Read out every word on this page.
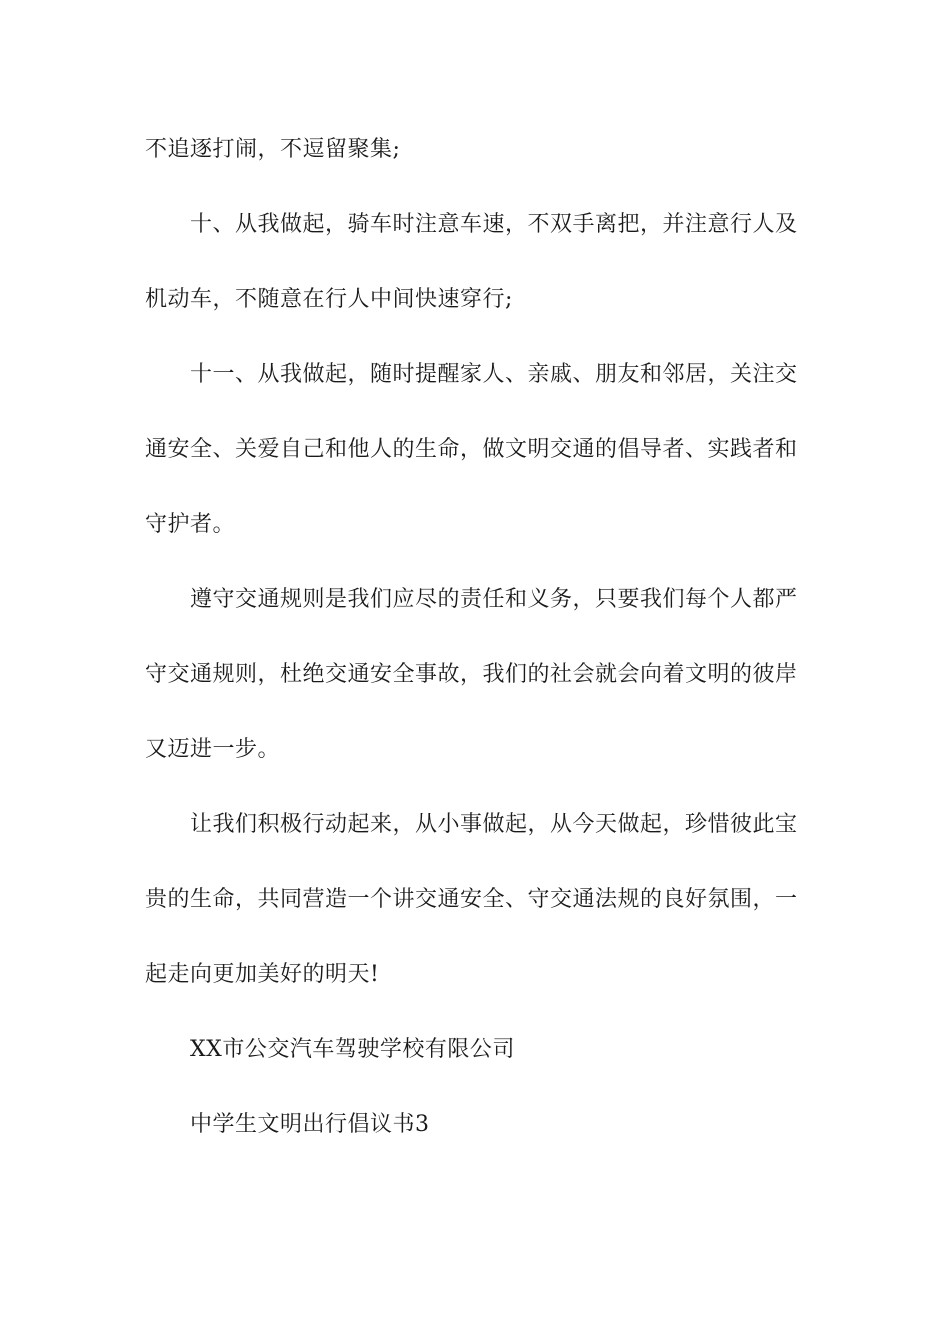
不追逐打闹，不逗留聚集;
十、从我做起，骑车时注意车速，不双手离把，并注意行人及
机动车，不随意在行人中间快速穿行;
十一、从我做起，随时提醒家人、亲戚、朋友和邻居，关注交
通安全、关爱自己和他人的生命，做文明交通的倡导者、实践者和
守护者。
遵守交通规则是我们应尽的责任和义务，只要我们每个人都严
守交通规则，杜绝交通安全事故，我们的社会就会向着文明的彼岸
又迈进一步。
让我们积极行动起来，从小事做起，从今天做起，珍惜彼此宝
贵的生命，共同营造一个讲交通安全、守交通法规的良好氛围，一
起走向更加美好的明天!
XX市公交汽车驾驶学校有限公司
中学生文明出行倡议书3
